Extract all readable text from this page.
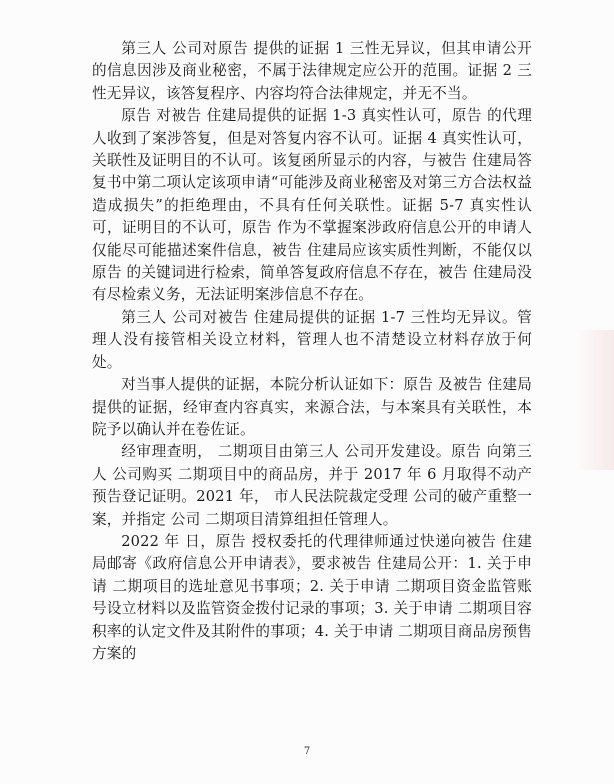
第三人 公司对原告 提供的证据 1 三性无异议，但其申请公开的信息因涉及商业秘密，不属于法律规定应公开的范围。证据 2 三性无异议，该答复程序、内容均符合法律规定，并无不当。

原告 对被告 住建局提供的证据 1-3 真实性认可，原告 的代理人收到了案涉答复，但是对答复内容不认可。证据 4 真实性认可，关联性及证明目的不认可。该复函所显示的内容，与被告 住建局答复书中第二项认定该项申请“可能涉及商业秘密及对第三方合法权益造成损失”的拒绝理由，不具有任何关联性。证据 5-7 真实性认可，证明目的不认可，原告 作为不掌握案涉政府信息公开的申请人仅能尽可能描述案件信息，被告 住建局应该实质性判断，不能仅以原告 的关键词进行检索，简单答复政府信息不存在，被告 住建局没有尽检索义务，无法证明案涉信息不存在。

第三人 公司对被告 住建局提供的证据 1-7 三性均无异议。管理人没有接管相关设立材料，管理人也不清楚设立材料存放于何处。

对当事人提供的证据，本院分析认证如下：原告 及被告 住建局提供的证据，经审查内容真实，来源合法，与本案具有关联性，本院予以确认并在卷佐证。

经审理查明， 二期项目由第三人 公司开发建设。原告 向第三人 公司购买 二期项目中的商品房，并于 2017 年 6 月取得不动产预告登记证明。2021 年， 市人民法院裁定受理 公司的破产重整一案，并指定 公司 二期项目清算组担任管理人。

2022 年 日，原告 授权委托的代理律师通过快递向被告 住建局邮寄《政府信息公开申请表》，要求被告 住建局公开：1. 关于申请 二期项目的选址意见书事项；2. 关于申请 二期项目资金监管账号设立材料以及监管资金拨付记录的事项；3. 关于申请 二期项目容积率的认定文件及其附件的事项；4. 关于申请 二期项目商品房预售方案的

7
